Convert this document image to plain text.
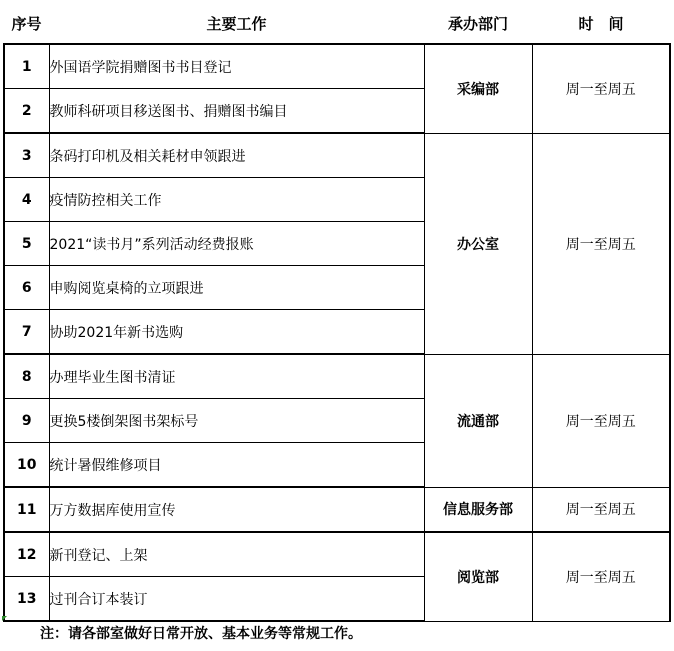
序号	主要工作	承办部门	时　间
1	外国语学院捐赠图书书目登记	采编部	周一至周五
2	教师科研项目移送图书、捐赠图书编目		
3	条码打印机及相关耗材申领跟进	办公室	周一至周五
4	疫情防控相关工作		
5	2021“读书月”系列活动经费报账		
6	申购阅览桌椅的立项跟进		
7	协助2021年新书选购		
8	办理毕业生图书清证	流通部	周一至周五
9	更换5楼倒架图书架标号		
10	统计暑假维修项目		
11	万方数据库使用宣传	信息服务部	周一至周五
12	新刊登记、上架	阅览部	周一至周五
13	过刊合订本装订		
注：请各部室做好日常开放、基本业务等常规工作。
